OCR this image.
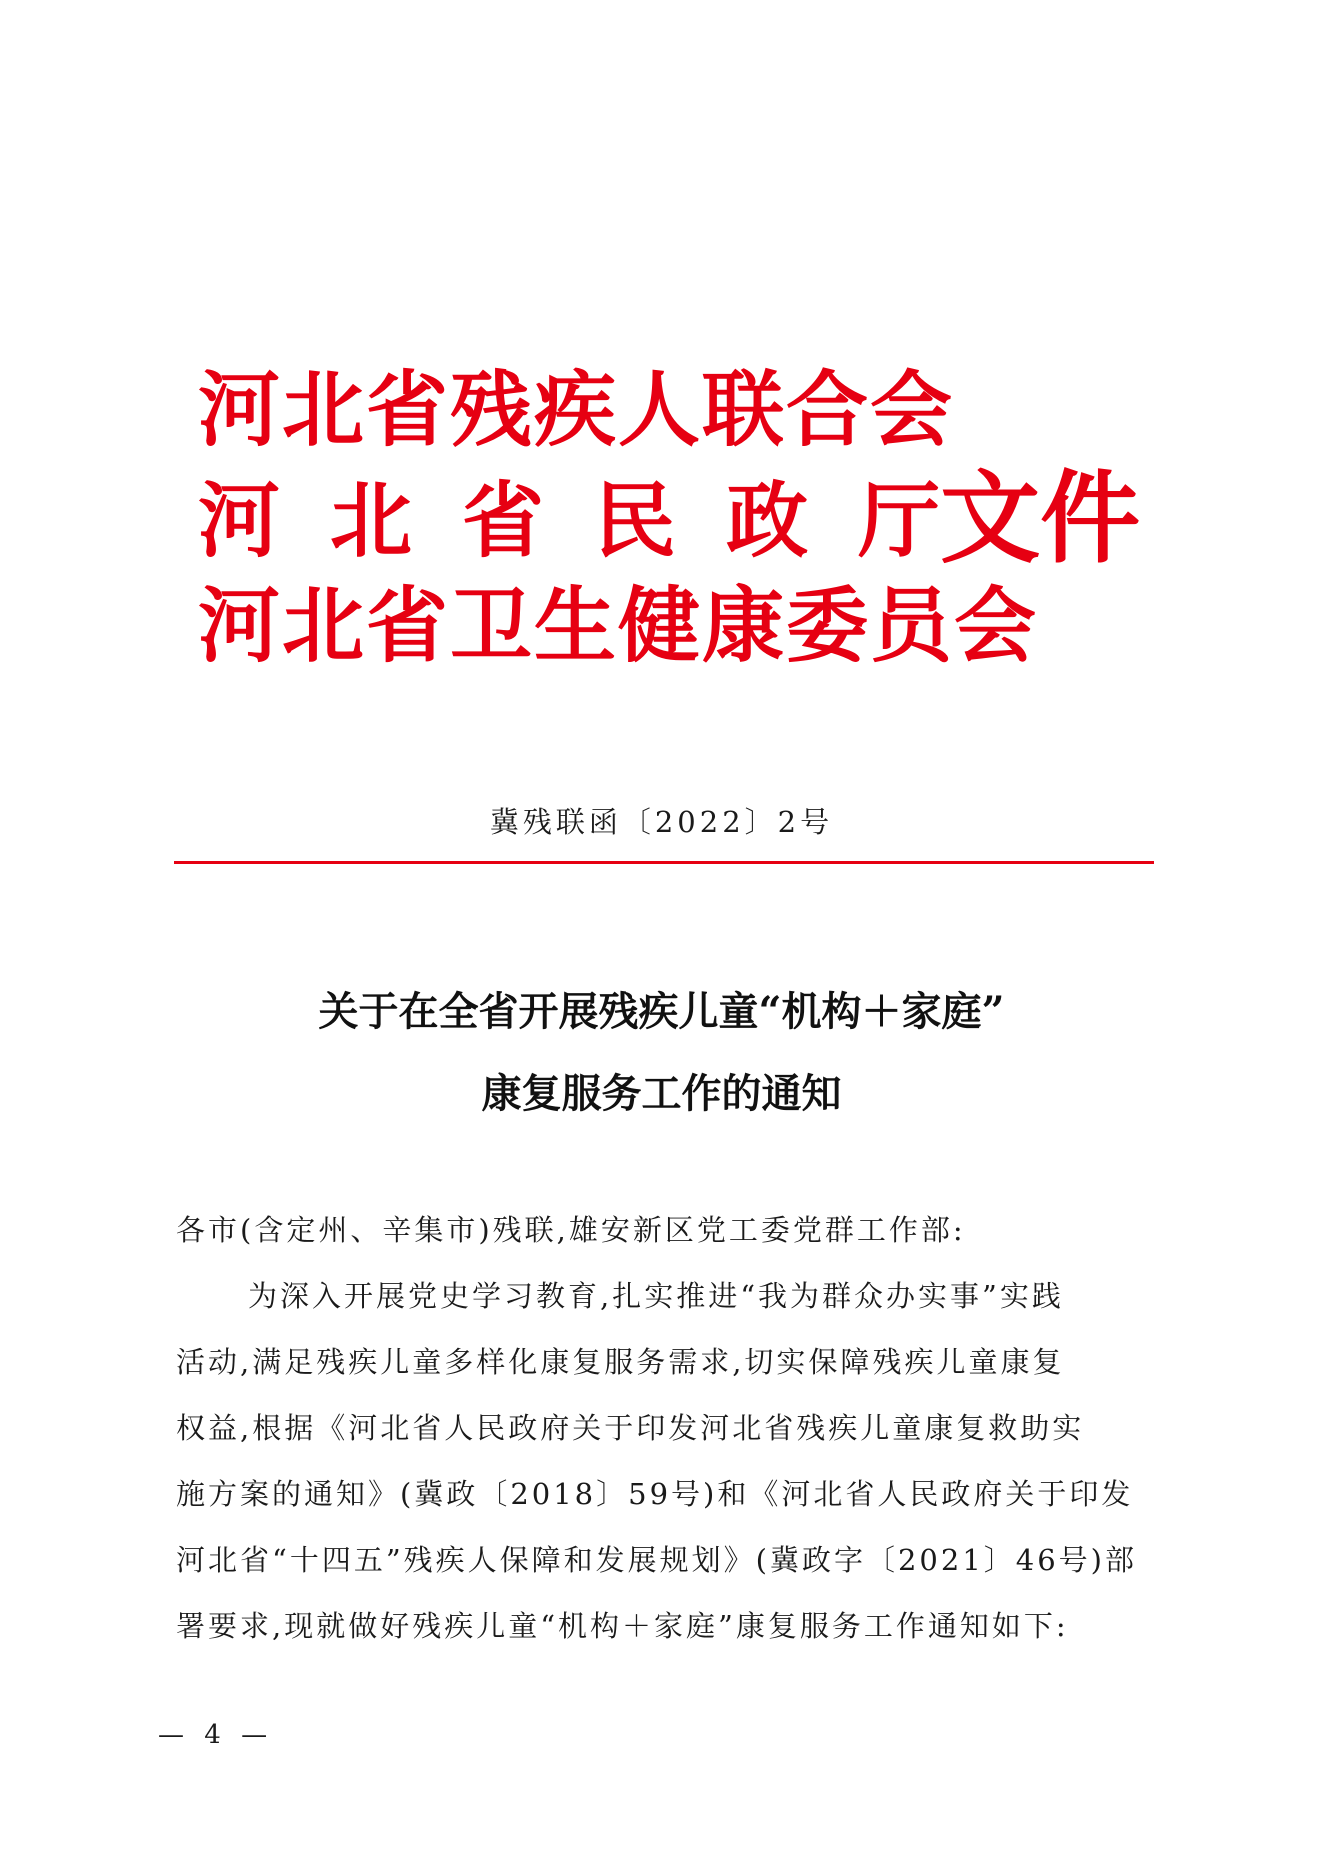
河北省残疾人联合会
河 北 省 民 政 厅文件
河北省卫生健康委员会
冀残联函〔2022〕2号
关于在全省开展残疾儿童“机构＋家庭”
康复服务工作的通知
各市(含定州、辛集市)残联,雄安新区党工委党群工作部:
为深入开展党史学习教育,扎实推进“我为群众办实事”实践
活动,满足残疾儿童多样化康复服务需求,切实保障残疾儿童康复
权益,根据《河北省人民政府关于印发河北省残疾儿童康复救助实
施方案的通知》(冀政〔2018〕59号)和《河北省人民政府关于印发
河北省“十四五”残疾人保障和发展规划》(冀政字〔2021〕46号)部
署要求,现就做好残疾儿童“机构＋家庭”康复服务工作通知如下:
— 4 —
